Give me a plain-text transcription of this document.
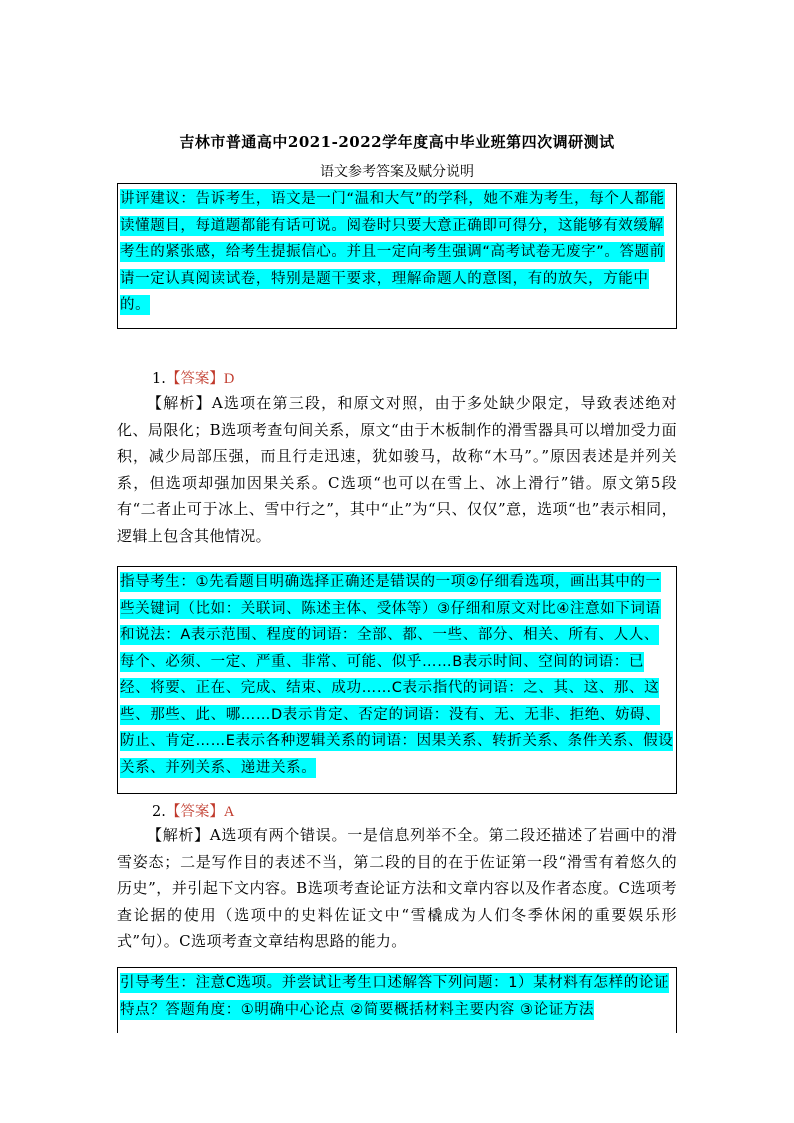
吉林市普通高中2021-2022学年度高中毕业班第四次调研测试
语文参考答案及赋分说明
讲评建议：告诉考生，语文是一门“温和大气”的学科，她不难为考生，每个人都能读懂题目，每道题都能有话可说。阅卷时只要大意正确即可得分，这能够有效缓解考生的紧张感，给考生提振信心。并且一定向考生强调“高考试卷无废字”。答题前请一定认真阅读试卷，特别是题干要求，理解命题人的意图，有的放矢，方能中的。
1.【答案】D
【解析】A选项在第三段，和原文对照，由于多处缺少限定，导致表述绝对化、局限化；B选项考查句间关系，原文“由于木板制作的滑雪器具可以增加受力面积，减少局部压强，而且行走迅速，犹如骏马，故称“木马”。”原因表述是并列关系，但选项却强加因果关系。C选项“也可以在雪上、冰上滑行”错。原文第5段有“二者止可于冰上、雪中行之”，其中“止”为“只、仅仅”意，选项“也”表示相同，逻辑上包含其他情况。
指导考生：①先看题目明确选择正确还是错误的一项②仔细看选项，画出其中的一些关键词（比如：关联词、陈述主体、受体等）③仔细和原文对比④注意如下词语和说法：A表示范围、程度的词语：全部、都、一些、部分、相关、所有、人人、每个、必须、一定、严重、非常、可能、似乎……B表示时间、空间的词语：已经、将要、正在、完成、结束、成功……C表示指代的词语：之、其、这、那、这些、那些、此、哪……D表示肯定、否定的词语：没有、无、无非、拒绝、妨碍、防止、肯定……E表示各种逻辑关系的词语：因果关系、转折关系、条件关系、假设关系、并列关系、递进关系。
2.【答案】A
【解析】A选项有两个错误。一是信息列举不全。第二段还描述了岩画中的滑雪姿态；二是写作目的表述不当，第二段的目的在于佐证第一段“滑雪有着悠久的历史”，并引起下文内容。B选项考查论证方法和文章内容以及作者态度。C选项考查论据的使用（选项中的史料佐证文中“雪橇成为人们冬季休闲的重要娱乐形式”句）。C选项考查文章结构思路的能力。
引导考生：注意C选项。并尝试让考生口述解答下列问题：1）某材料有怎样的论证特点？答题角度：①明确中心论点 ②简要概括材料主要内容 ③论证方法
